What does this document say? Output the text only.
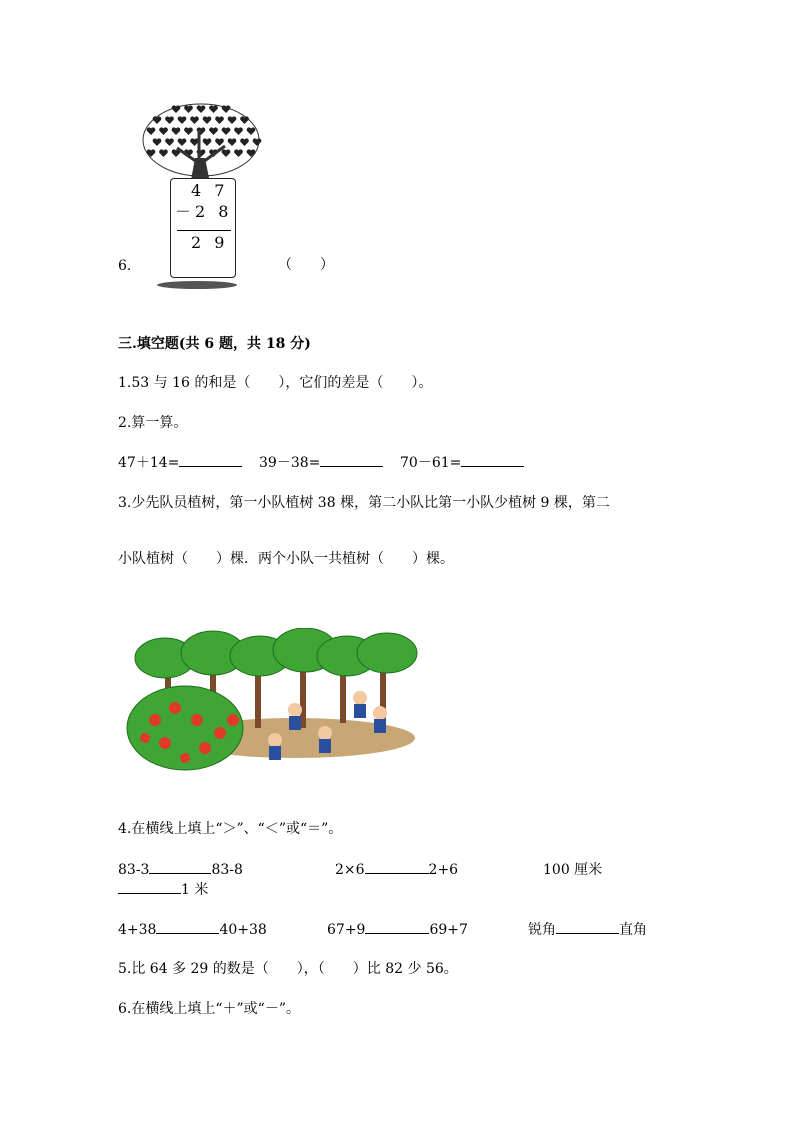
4 7
－2 8
2 9
6.	（　　）
三.填空题(共 6 题，共 18 分)
1.53 与 16 的和是（　　），它们的差是（　　）。
2.算一算。
47＋14=	39－38=	70－61=
3.少先队员植树，第一小队植树 38 棵，第二小队比第一小队少植树 9 棵，第二
小队植树（　　）棵．两个小队一共植树（　　）棵。
4.在横线上填上“＞”、“＜”或“＝”。
83-3	83-8	2×6	2+6	100 厘米
1 米
4+38	40+38	67+9	69+7	锐角	直角
5.比 64 多 29 的数是（　　），（　　）比 82 少 56。
6.在横线上填上“＋”或“－”。
